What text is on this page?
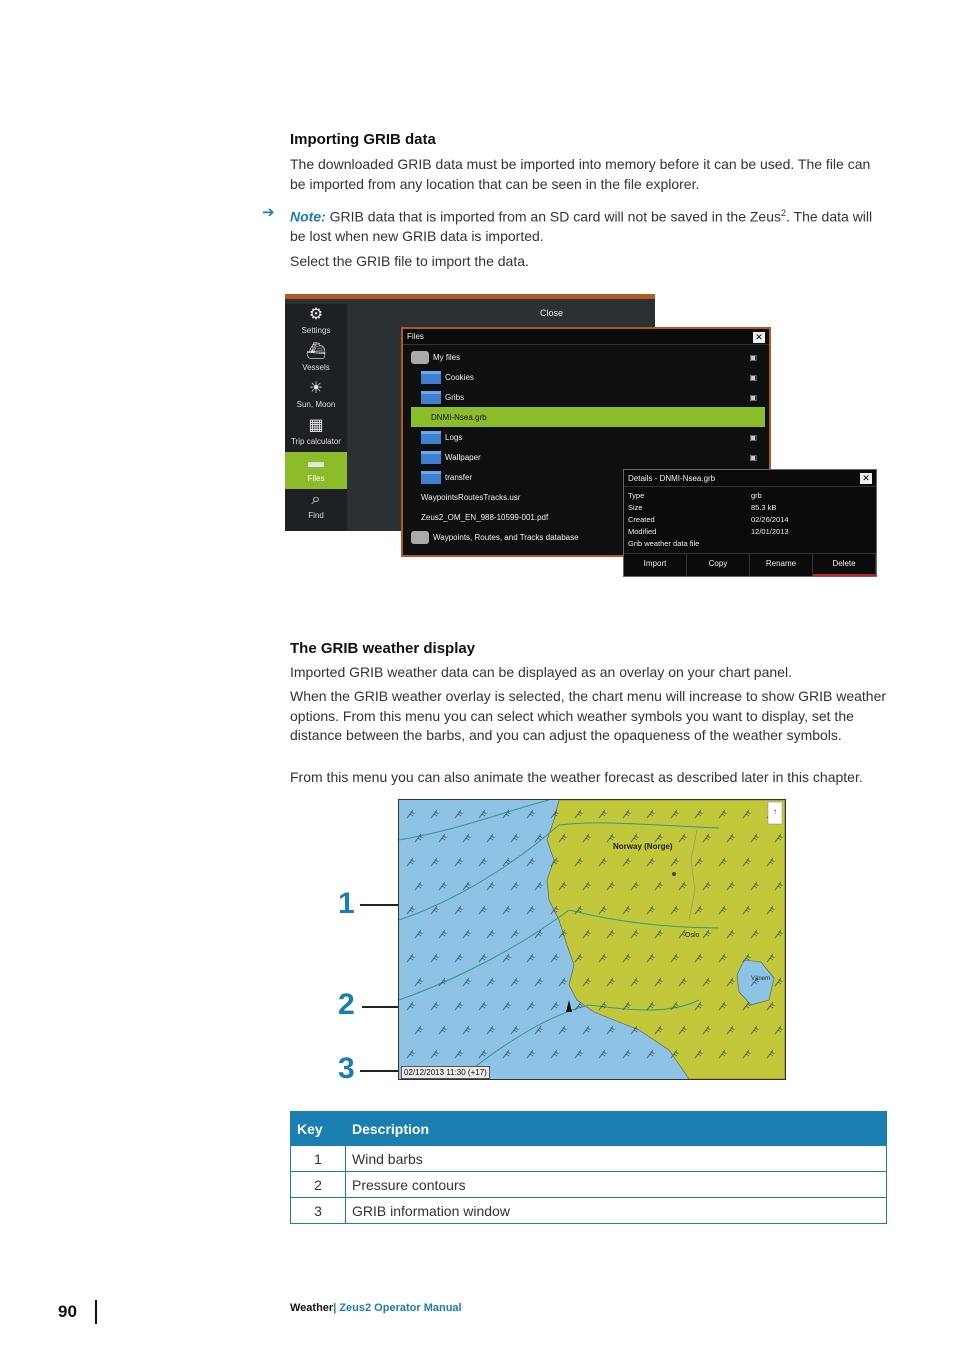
Importing GRIB data

The downloaded GRIB data must be imported into memory before it can be used. The file can be imported from any location that can be seen in the file explorer.

➔ Note: GRIB data that is imported from an SD card will not be saved in the Zeus$^2$. The data will be lost when new GRIB data is imported.

Select the GRIB file to import the data.

⚙
Settings
⛴
Vessels
☀
Sun, Moon
▦
Trip calculator
▬
Files
⌕
Find
Close
Files	✕
My files	▣
Cookies	▣
Gribs	▣
DNMI-Nsea.grb
Logs	▣
Wallpaper	▣
transfer
WaypointsRoutesTracks.usr
Zeus2_OM_EN_988-10599-001.pdf
Waypoints, Routes, and Tracks database
Details - DNMI-Nsea.grb	✕
Type	grb
Size	85.3 kB
Created	02/26/2014
Modified	12/01/2013
Grib weather data file
Import	Copy	Rename	Delete
The GRIB weather display

Imported GRIB weather data can be displayed as an overlay on your chart panel.

When the GRIB weather overlay is selected, the chart menu will increase to show GRIB weather options. From this menu you can select which weather symbols you want to display, set the distance between the barbs, and you can adjust the opaqueness of the weather symbols.

From this menu you can also animate the weather forecast as described later in this chapter.

1
2
3
↑
Norway (Norge)
Oslo
Vänern
02/12/2013 11:30 (+17)
Key	Description
1	Wind barbs
2	Pressure contours
3	GRIB information window
90	Weather| Zeus2 Operator Manual
